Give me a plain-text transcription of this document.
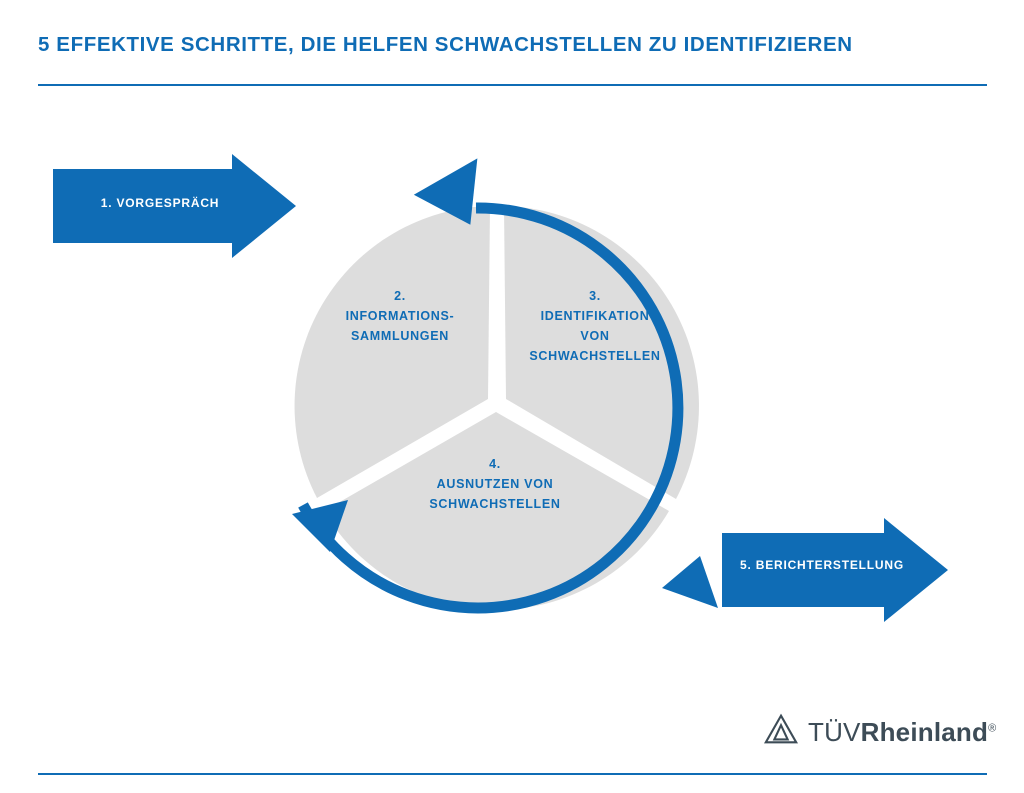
5 EFFEKTIVE SCHRITTE, DIE HELFEN SCHWACHSTELLEN ZU IDENTIFIZIEREN
1. VORGESPRÄCH
5. BERICHTERSTELLUNG
2.
INFORMATIONS-
SAMMLUNGEN
3.
IDENTIFIKATION
VON
SCHWACHSTELLEN
4.
AUSNUTZEN VON
SCHWACHSTELLEN
TÜVRheinland®
